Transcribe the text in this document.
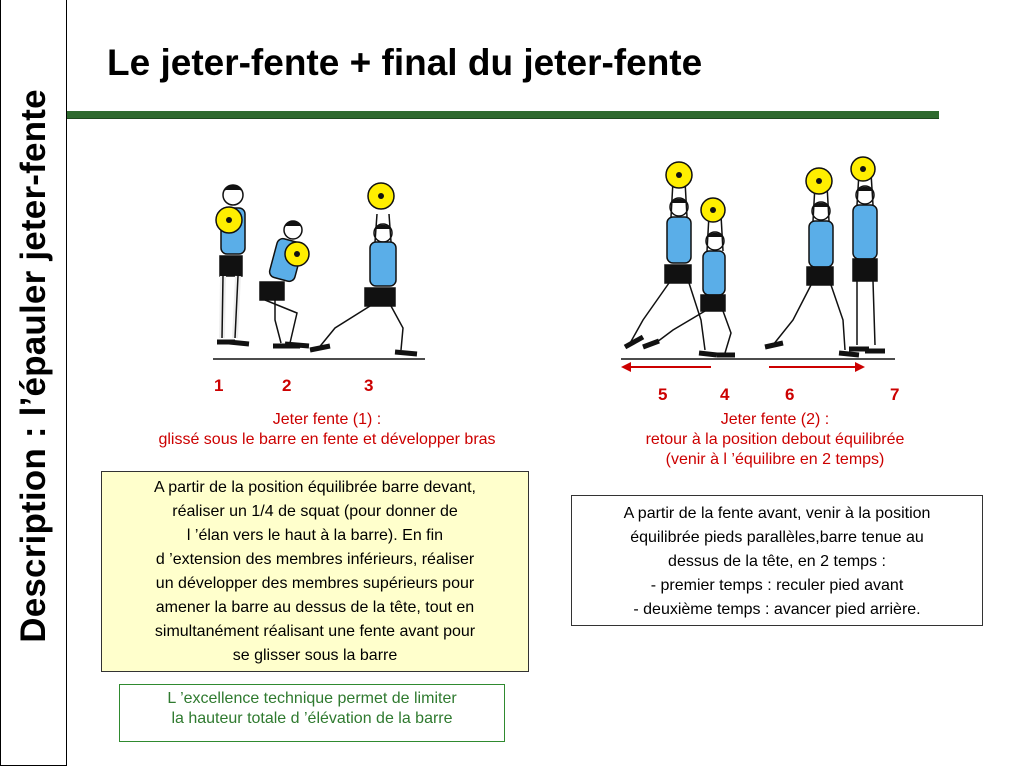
Description : l’épauler jeter-fente
Le jeter-fente + final du jeter-fente
1	2	3	5	4	6	7
Jeter fente (1) :
glissé sous le barre en fente et développer bras
Jeter fente (2) :
retour à la position debout équilibrée
(venir à l ’équilibre en 2 temps)
A partir de la position équilibrée barre devant,
réaliser un 1/4 de squat (pour donner de
l ’élan vers le haut à la barre). En fin
d ’extension des membres inférieurs, réaliser
un développer des membres supérieurs pour
amener la barre au dessus de la tête, tout en
simultanément réalisant une fente avant pour
se glisser sous la barre
A partir de la fente avant, venir à la position
équilibrée pieds parallèles,barre tenue au
dessus de la tête, en 2 temps :
- premier temps : reculer pied avant
- deuxième temps : avancer pied arrière.
L ’excellence technique permet de limiter
la hauteur totale d ’élévation de la barre
